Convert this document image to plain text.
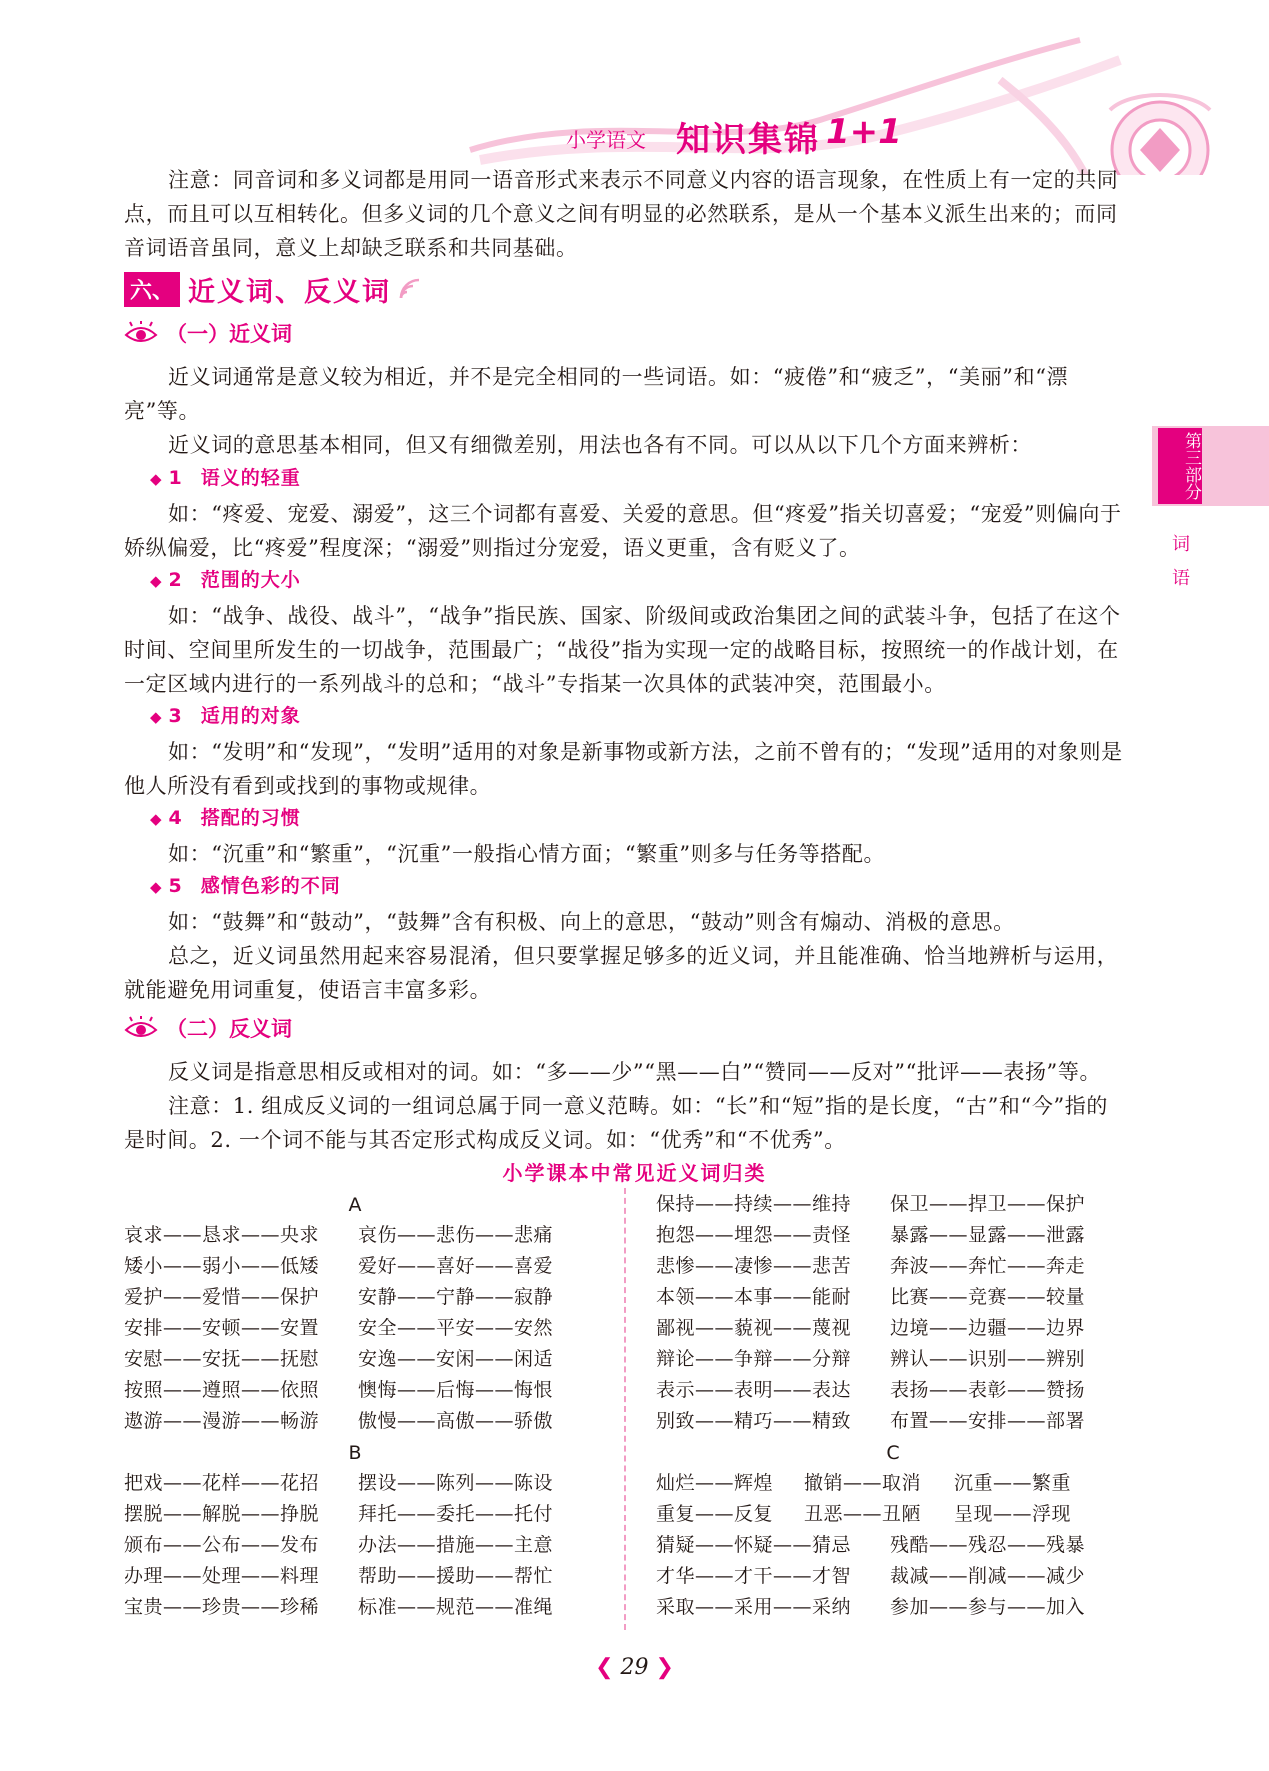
小学语文 知识集锦 1+1
第三部分
词语

注意：同音词和多义词都是用同一语音形式来表示不同意义内容的语言现象，在性质上有一定的共同点，而且可以互相转化。但多义词的几个意义之间有明显的必然联系，是从一个基本义派生出来的；而同音词语音虽同，意义上却缺乏联系和共同基础。

六、 近义词、反义词
（一）近义词

近义词通常是意义较为相近，并不是完全相同的一些词语。如：“疲倦”和“疲乏”，“美丽”和“漂亮”等。

近义词的意思基本相同，但又有细微差别，用法也各有不同。可以从以下几个方面来辨析：

◆ 1 语义的轻重

如：“疼爱、宠爱、溺爱”，这三个词都有喜爱、关爱的意思。但“疼爱”指关切喜爱；“宠爱”则偏向于娇纵偏爱，比“疼爱”程度深；“溺爱”则指过分宠爱，语义更重，含有贬义了。

◆ 2 范围的大小

如：“战争、战役、战斗”，“战争”指民族、国家、阶级间或政治集团之间的武装斗争，包括了在这个时间、空间里所发生的一切战争，范围最广；“战役”指为实现一定的战略目标，按照统一的作战计划，在一定区域内进行的一系列战斗的总和；“战斗”专指某一次具体的武装冲突，范围最小。

◆ 3 适用的对象

如：“发明”和“发现”，“发明”适用的对象是新事物或新方法，之前不曾有的；“发现”适用的对象则是他人所没有看到或找到的事物或规律。

◆ 4 搭配的习惯

如：“沉重”和“繁重”，“沉重”一般指心情方面；“繁重”则多与任务等搭配。

◆ 5 感情色彩的不同

如：“鼓舞”和“鼓动”，“鼓舞”含有积极、向上的意思，“鼓动”则含有煽动、消极的意思。

总之，近义词虽然用起来容易混淆，但只要掌握足够多的近义词，并且能准确、恰当地辨析与运用，就能避免用词重复，使语言丰富多彩。

（二）反义词

反义词是指意思相反或相对的词。如：“多——少”“黑——白”“赞同——反对”“批评——表扬”等。

注意：1. 组成反义词的一组词总属于同一意义范畴。如：“长”和“短”指的是长度，“古”和“今”指的是时间。2. 一个词不能与其否定形式构成反义词。如：“优秀”和“不优秀”。

小学课本中常见近义词归类
A
B	C
哀求——恳求——央求 哀伤——悲伤——悲痛
矮小——弱小——低矮 爱好——喜好——喜爱
爱护——爱惜——保护 安静——宁静——寂静
安排——安顿——安置 安全——平安——安然
安慰——安抚——抚慰 安逸——安闲——闲适
按照——遵照——依照 懊悔——后悔——悔恨
遨游——漫游——畅游 傲慢——高傲——骄傲
把戏——花样——花招 摆设——陈列——陈设
摆脱——解脱——挣脱 拜托——委托——托付
颁布——公布——发布 办法——措施——主意
办理——处理——料理 帮助——援助——帮忙
宝贵——珍贵——珍稀 标准——规范——准绳
保持——持续——维持 保卫——捍卫——保护
抱怨——埋怨——责怪 暴露——显露——泄露
悲惨——凄惨——悲苦 奔波——奔忙——奔走
本领——本事——能耐 比赛——竞赛——较量
鄙视——藐视——蔑视 边境——边疆——边界
辩论——争辩——分辩 辨认——识别——辨别
表示——表明——表达 表扬——表彰——赞扬
别致——精巧——精致 布置——安排——部署
灿烂——辉煌 撤销——取消 沉重——繁重
重复——反复 丑恶——丑陋 呈现——浮现
猜疑——怀疑——猜忌 残酷——残忍——残暴
才华——才干——才智 裁减——削减——减少
采取——采用——采纳 参加——参与——加入
❮ 29 ❯
